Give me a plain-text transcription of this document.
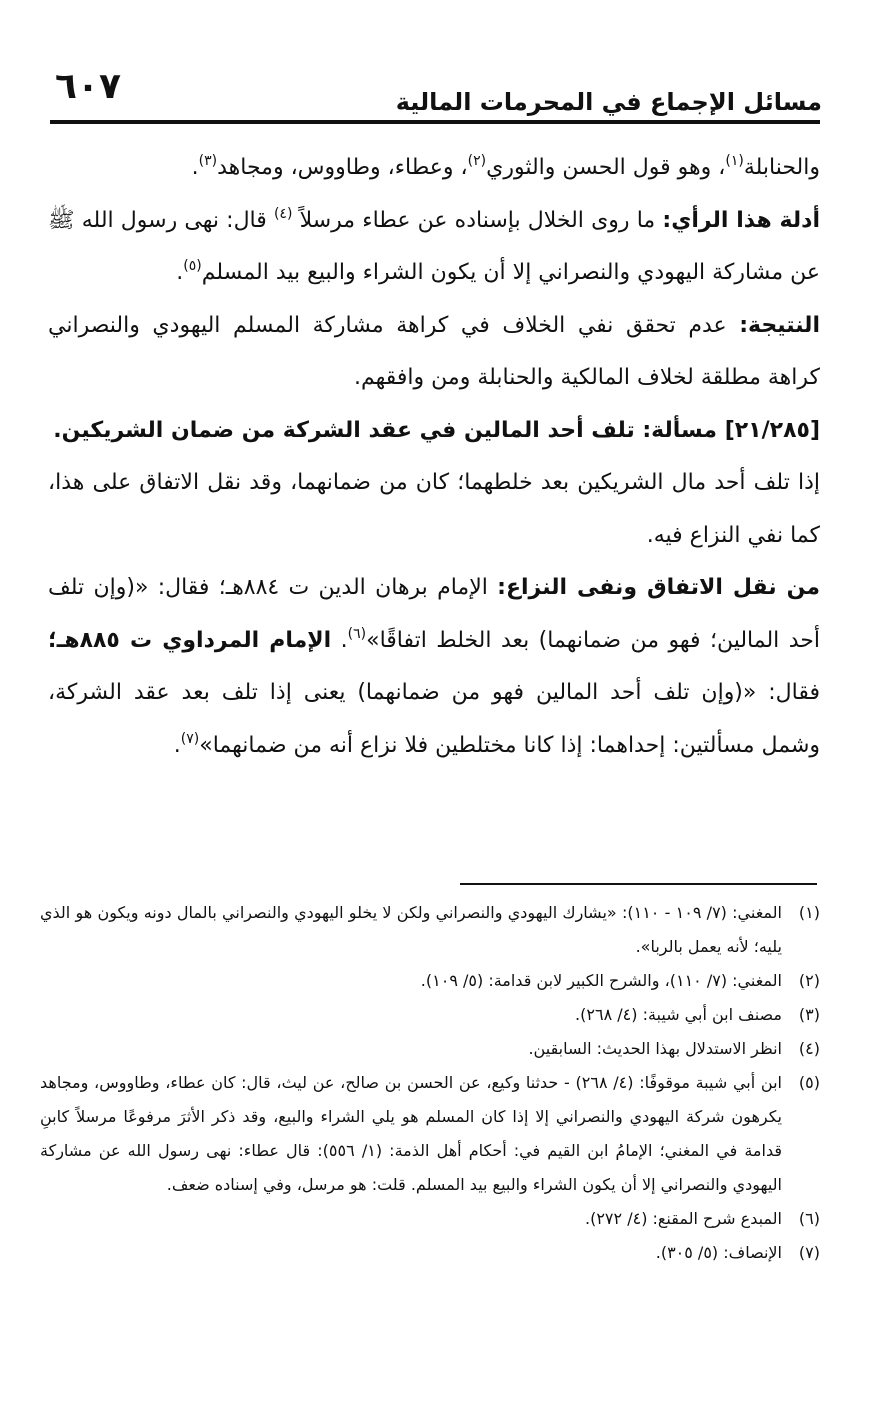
مسائل الإجماع في المحرمات المالية
٦٠٧

والحنابلة$^{(١)}$، وهو قول الحسن والثوري$^{(٢)}$، وعطاء، وطاووس، ومجاهد$^{(٣)}$.

أدلة هذا الرأي: ما روى الخلال بإسناده عن عطاء مرسلاً $^{(٤)}$ قال: نهى رسول الله ﷺ عن مشاركة اليهودي والنصراني إلا أن يكون الشراء والبيع بيد المسلم$^{(٥)}$.

النتيجة: عدم تحقق نفي الخلاف في كراهة مشاركة المسلم اليهودي والنصراني كراهة مطلقة لخلاف المالكية والحنابلة ومن وافقهم.

[٢١/٢٨٥] مسألة: تلف أحد المالين في عقد الشركة من ضمان الشريكين.

إذا تلف أحد مال الشريكين بعد خلطهما؛ كان من ضمانهما، وقد نقل الاتفاق على هذا، كما نفي النزاع فيه.

من نقل الاتفاق ونفى النزاع: الإمام برهان الدين ت ٨٨٤هـ؛ فقال: «(وإن تلف أحد المالين؛ فهو من ضمانهما) بعد الخلط اتفاقًا»$^{(٦)}$. الإمام المرداوي ت ٨٨٥هـ؛ فقال: «(وإن تلف أحد المالين فهو من ضمانهما) يعنى إذا تلف بعد عقد الشركة، وشمل مسألتين: إحداهما: إذا كانا مختلطين فلا نزاع أنه من ضمانهما»$^{(٧)}$.

(١)
المغني: (٧/ ١٠٩ - ١١٠): «يشارك اليهودي والنصراني ولكن لا يخلو اليهودي والنصراني بالمال دونه ويكون هو الذي يليه؛ لأنه يعمل بالربا».
(٢)
المغني: (٧/ ١١٠)، والشرح الكبير لابن قدامة: (٥/ ١٠٩).
(٣)
مصنف ابن أبي شيبة: (٤/ ٢٦٨).
(٤)
انظر الاستدلال بهذا الحديث: السابقين.
(٥)
ابن أبي شيبة موقوفًا: (٤/ ٢٦٨) - حدثنا وكيع، عن الحسن بن صالح، عن ليث، قال: كان عطاء، وطاووس، ومجاهد يكرهون شركة اليهودي والنصراني إلا إذا كان المسلم هو يلي الشراء والبيع، وقد ذكر الأثرَ مرفوعًا مرسلاً كابنِ قدامة في المغني؛ الإمامُ ابن القيم في: أحكام أهل الذمة: (١/ ٥٥٦): قال عطاء: نهى رسول الله عن مشاركة اليهودي والنصراني إلا أن يكون الشراء والبيع بيد المسلم. قلت: هو مرسل، وفي إسناده ضعف.
(٦)
المبدع شرح المقنع: (٤/ ٢٧٢).
(٧)
الإنصاف: (٥/ ٣٠٥).
